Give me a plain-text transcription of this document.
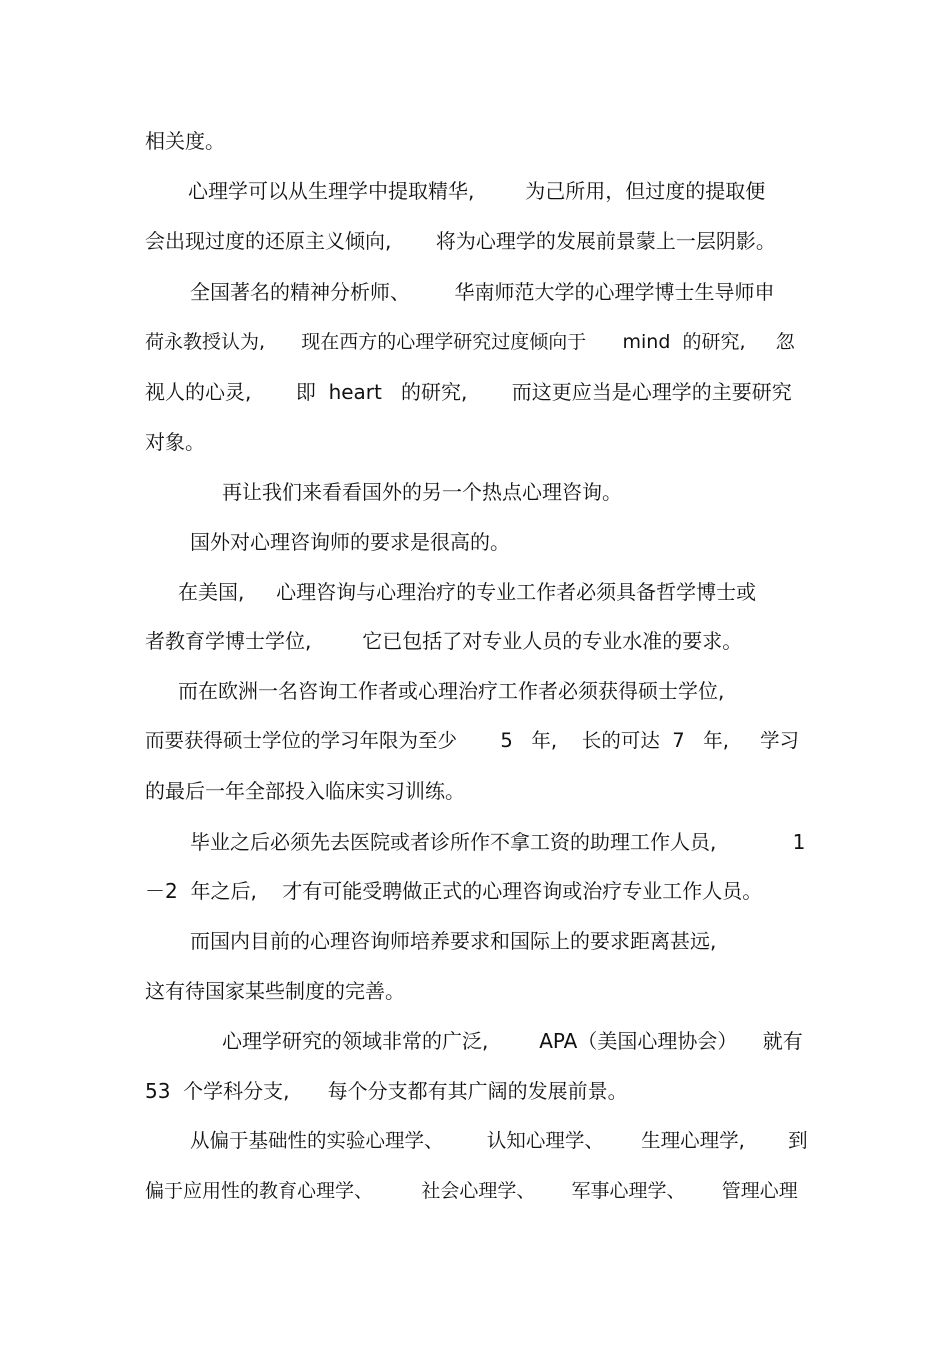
相关度。

心理学可以从生理学中提取精华,        为己所用，但过度的提取便

会出现过度的还原主义倾向,       将为心理学的发展前景蒙上一层阴影。

全国著名的精神分析师、       华南师范大学的心理学博士生导师申

荷永教授认为,      现在西方的心理学研究过度倾向于      mind  的研究,     忽

视人的心灵,       即  heart   的研究,       而这更应当是心理学的主要研究

对象。

再让我们来看看国外的另一个热点心理咨询。

国外对心理咨询师的要求是很高的。

在美国,     心理咨询与心理治疗的专业工作者必须具备哲学博士或

者教育学博士学位,        它已包括了对专业人员的专业水准的要求。

而在欧洲一名咨询工作者或心理治疗工作者必须获得硕士学位,

而要获得硕士学位的学习年限为至少       5   年,    长的可达  7   年,     学习

的最后一年全部投入临床实习训练。

毕业之后必须先去医院或者诊所作不拿工资的助理工作人员,            1

－2  年之后,    才有可能受聘做正式的心理咨询或治疗专业工作人员。

而国内目前的心理咨询师培养要求和国际上的要求距离甚远,

这有待国家某些制度的完善。

心理学研究的领域非常的广泛,        APA（美国心理协会）    就有

53  个学科分支,      每个分支都有其广阔的发展前景。

从偏于基础性的实验心理学、       认知心理学、      生理心理学,       到

偏于应用性的教育心理学、        社会心理学、      军事心理学、      管理心理
